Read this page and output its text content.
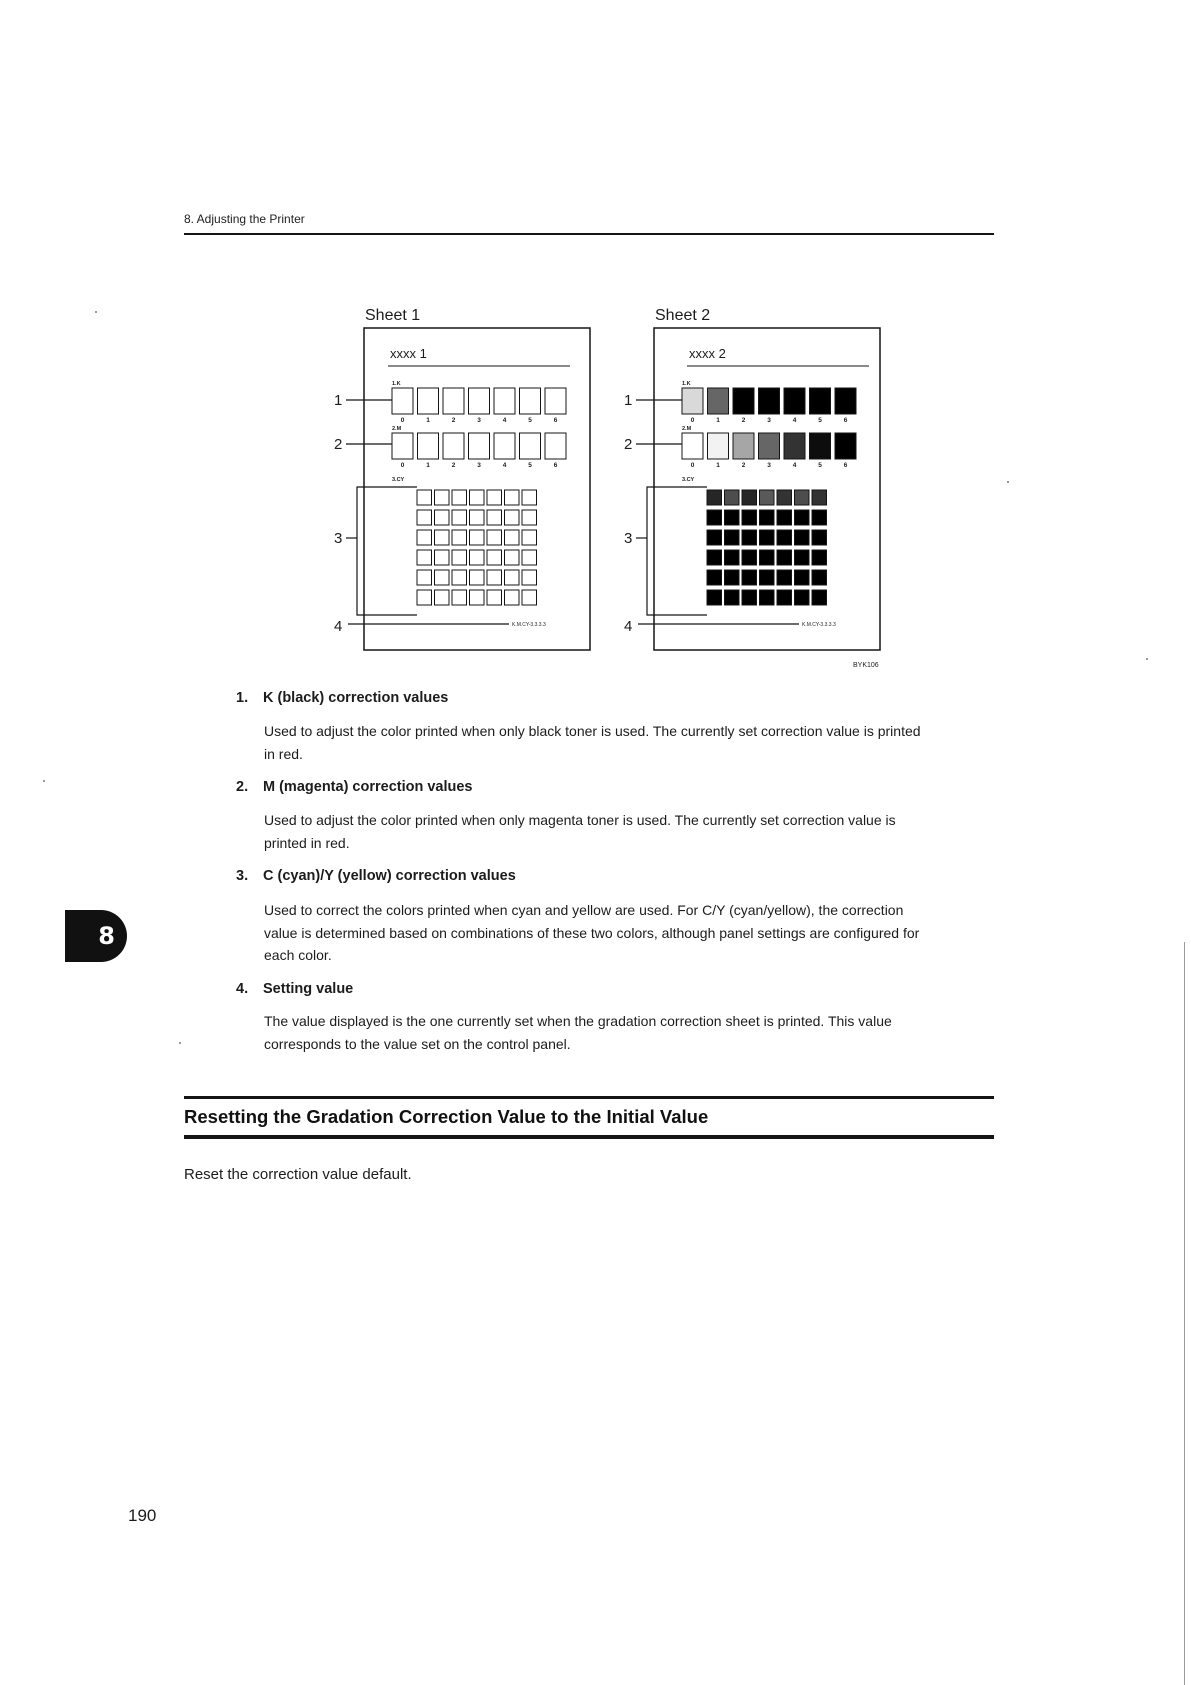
8. Adjusting the Printer
Sheet 1
xxxx 1
1.K
0	1	2	3	4	5	6
2.M
0	1	2	3	4	5	6
3.CY
1
2
3
4	K.M.CY-3.3.3.3
Sheet 2
xxxx 2
1.K
0	1	2	3	4	5	6
2.M
0	1	2	3	4	5	6
3.CY
1
2
3
4	K.M.CY-3.3.3.3
BYK106
1. K (black) correction values
Used to adjust the color printed when only black toner is used. The currently set correction value is printed
in red.
2. M (magenta) correction values
Used to adjust the color printed when only magenta toner is used. The currently set correction value is
printed in red.
3. C (cyan)/Y (yellow) correction values
Used to correct the colors printed when cyan and yellow are used. For C/Y (cyan/yellow), the correction
value is determined based on combinations of these two colors, although panel settings are configured for
each color.
4. Setting value
The value displayed is the one currently set when the gradation correction sheet is printed. This value
corresponds to the value set on the control panel.
Resetting the Gradation Correction Value to the Initial Value
Reset the correction value default.
8
190
